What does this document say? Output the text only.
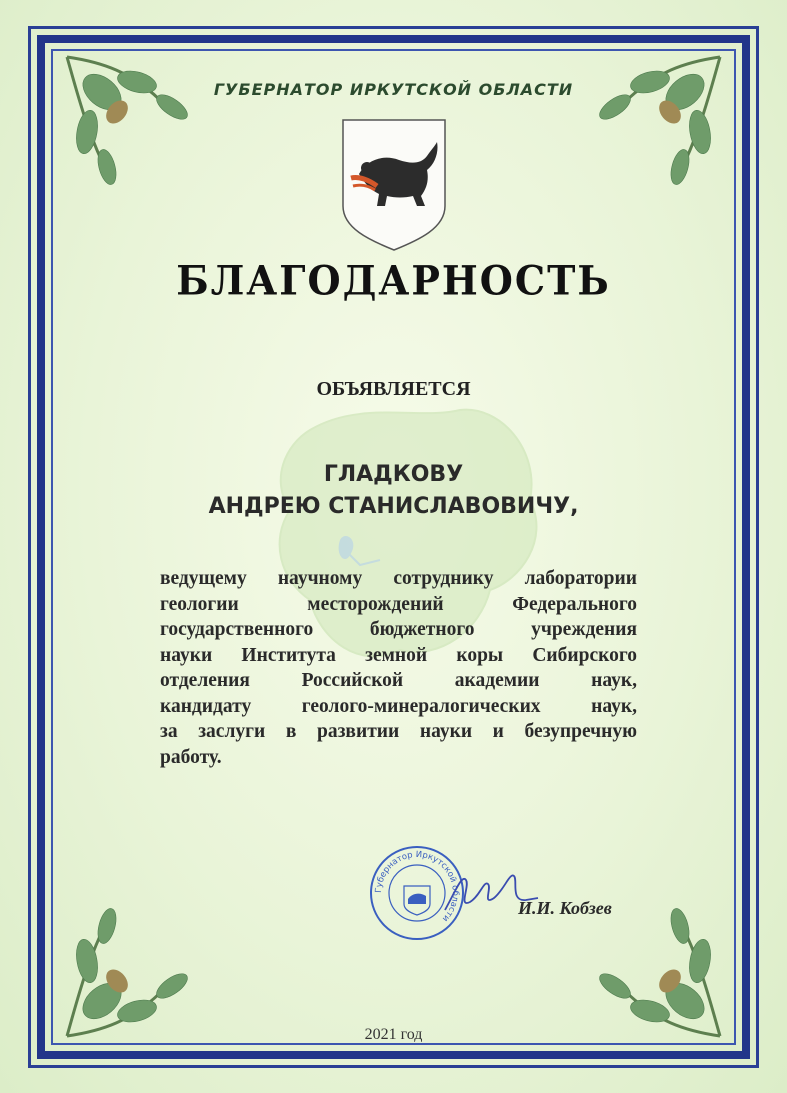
ГУБЕРНАТОР ИРКУТСКОЙ ОБЛАСТИ
БЛАГОДАРНОСТЬ
ОБЪЯВЛЯЕТСЯ
ГЛАДКОВУ
АНДРЕЮ СТАНИСЛАВОВИЧУ,
ведущему научному сотруднику лаборатории
геологии месторождений Федерального
государственного бюджетного учреждения
науки Института земной коры Сибирского
отделения Российской академии наук,
кандидату геолого-минералогических наук,
за заслуги в развитии науки и безупречную
работу.
Губернатор Иркутской области
И.И. Кобзев
2021 год
